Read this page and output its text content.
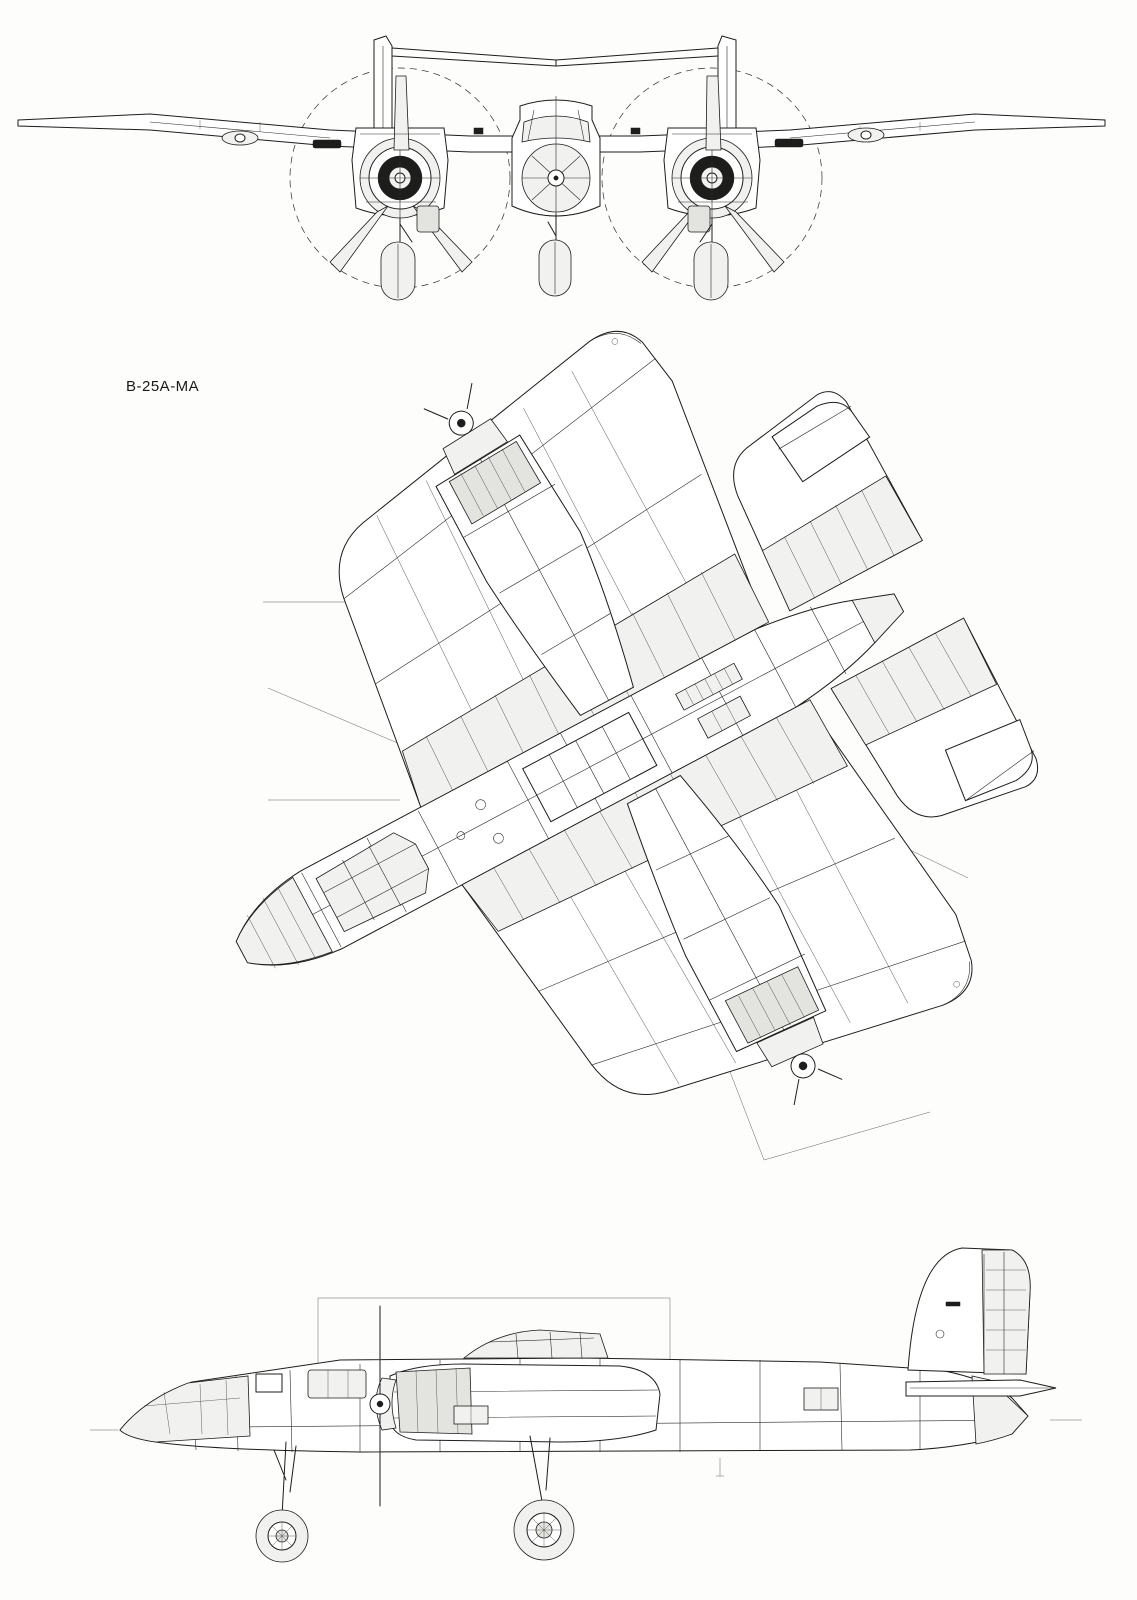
B-25A-MA
